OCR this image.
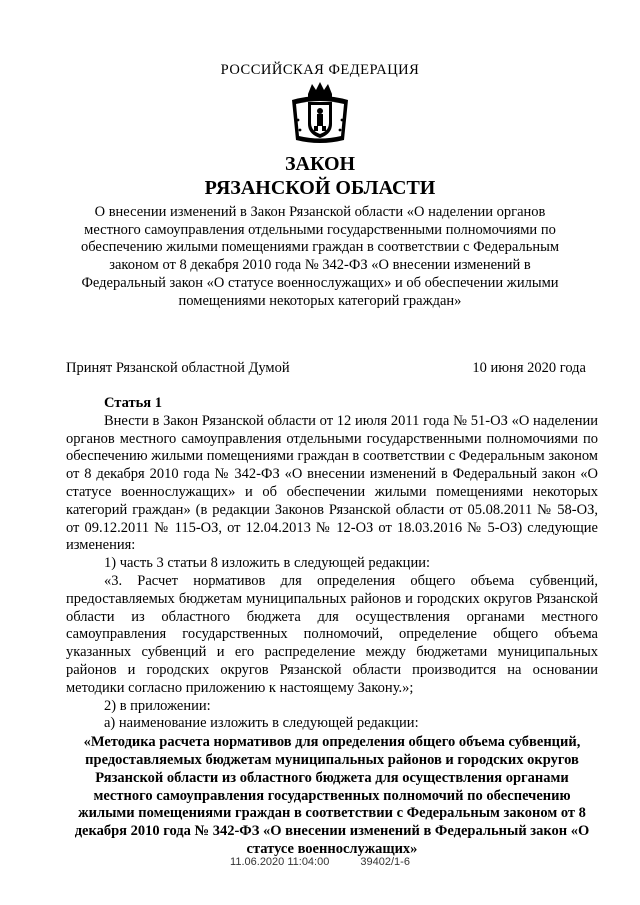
РОССИЙСКАЯ ФЕДЕРАЦИЯ
ЗАКОН
РЯЗАНСКОЙ ОБЛАСТИ
О внесении изменений в Закон Рязанской области «О наделении органов местного самоуправления отдельными государственными полномочиями по обеспечению жилыми помещениями граждан в соответствии с Федеральным законом от 8 декабря 2010 года № 342-ФЗ «О внесении изменений в Федеральный закон «О статусе военнослужащих» и об обеспечении жилыми помещениями некоторых категорий граждан»
Принят Рязанской областной Думой	10 июня 2020 года

Статья 1

Внести в Закон Рязанской области от 12 июля 2011 года № 51-ОЗ «О наделении органов местного самоуправления отдельными государственными полномочиями по обеспечению жилыми помещениями граждан в соответствии с Федеральным законом от 8 декабря 2010 года № 342-ФЗ «О внесении изменений в Федеральный закон «О статусе военнослужащих» и об обеспечении жилыми помещениями некоторых категорий граждан» (в редакции Законов Рязанской области от 05.08.2011 № 58-ОЗ, от 09.12.2011 № 115-ОЗ, от 12.04.2013 № 12-ОЗ от 18.03.2016 № 5-ОЗ) следующие изменения:

1) часть 3 статьи 8 изложить в следующей редакции:

«3. Расчет нормативов для определения общего объема субвенций, предоставляемых бюджетам муниципальных районов и городских округов Рязанской области из областного бюджета для осуществления органами местного самоуправления государственных полномочий, определение общего объема указанных субвенций и его распределение между бюджетами муниципальных районов и городских округов Рязанской области производится на основании методики согласно приложению к настоящему Закону.»;

2) в приложении:

а) наименование изложить в следующей редакции:

«Методика расчета нормативов для определения общего объема субвенций, предоставляемых бюджетам муниципальных районов и городских округов Рязанской области из областного бюджета для осуществления органами местного самоуправления государственных полномочий по обеспечению жилыми помещениями граждан в соответствии с Федеральным законом от 8 декабря 2010 года № 342-ФЗ «О внесении изменений в Федеральный закон «О статусе военнослужащих»

11.06.2020 11:04:00	39402/1-6
